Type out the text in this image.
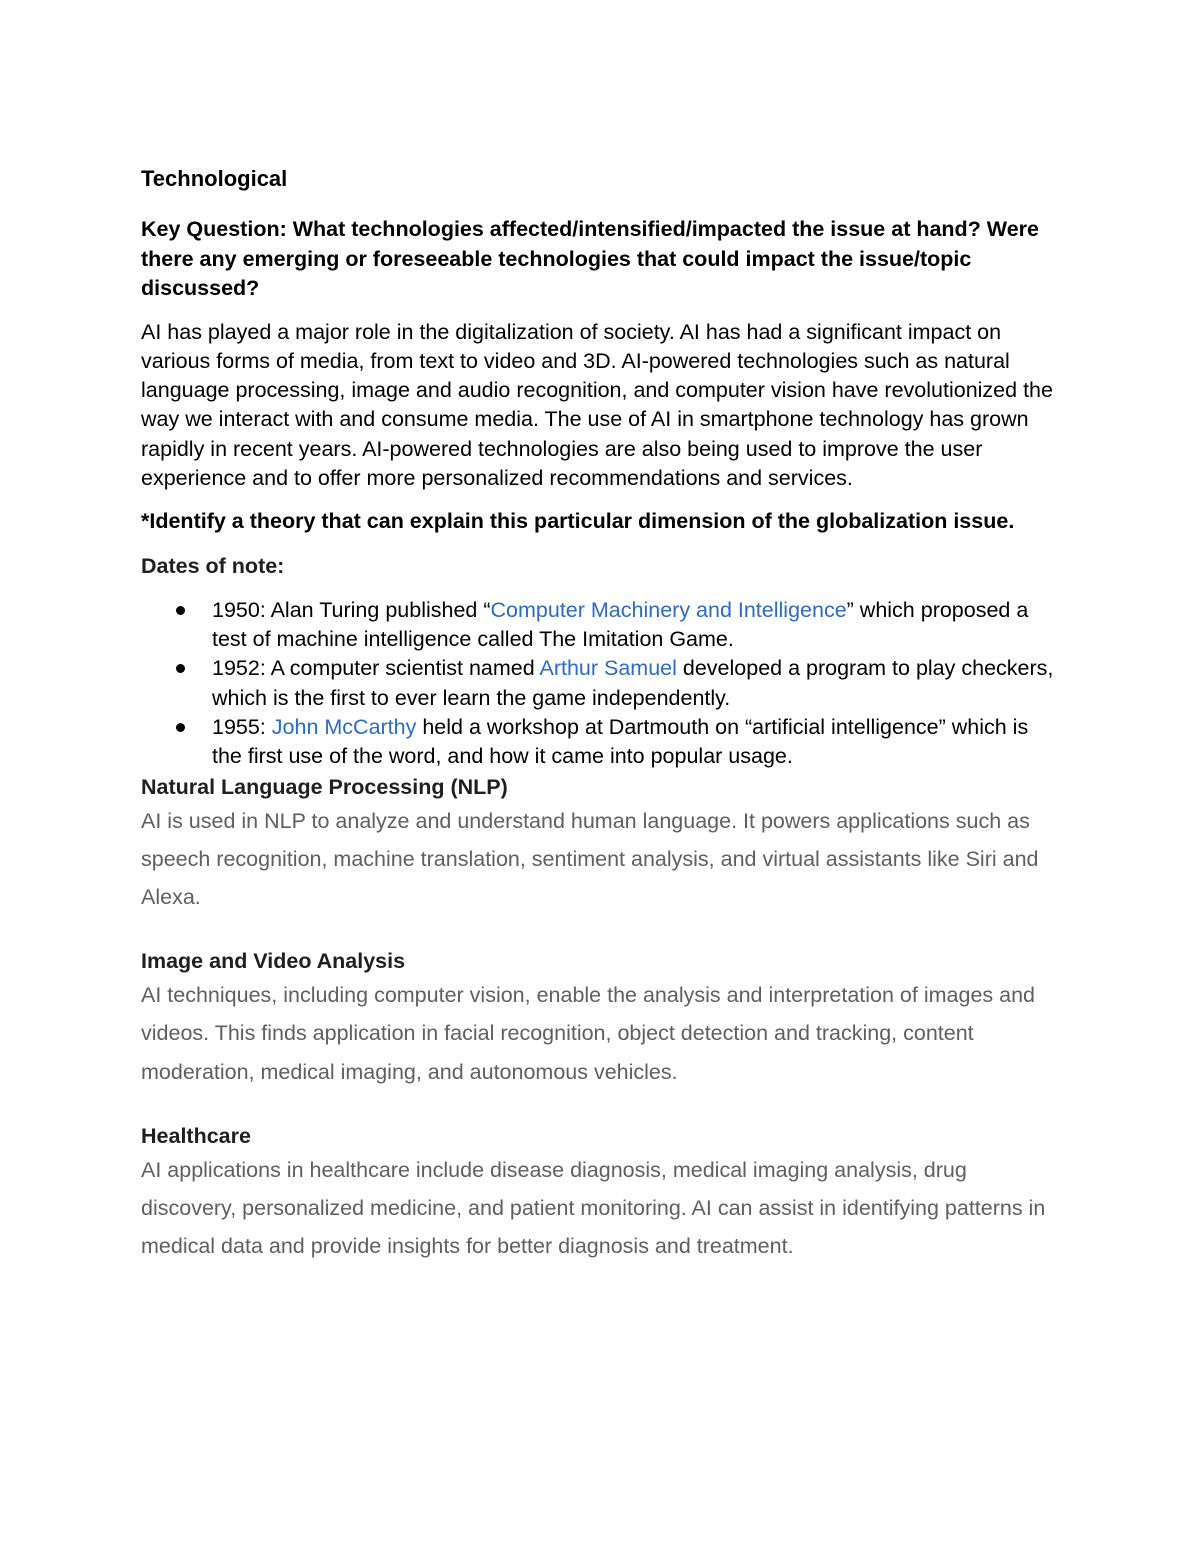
Technological

Key Question: What technologies affected/intensified/impacted the issue at hand? Were there any emerging or foreseeable technologies that could impact the issue/topic discussed?

AI has played a major role in the digitalization of society. AI has had a significant impact on various forms of media, from text to video and 3D. AI-powered technologies such as natural language processing, image and audio recognition, and computer vision have revolutionized the way we interact with and consume media. The use of AI in smartphone technology has grown rapidly in recent years. AI-powered technologies are also being used to improve the user experience and to offer more personalized recommendations and services.

*Identify a theory that can explain this particular dimension of the globalization issue.

Dates of note:

1950: Alan Turing published “Computer Machinery and Intelligence” which proposed a test of machine intelligence called The Imitation Game.
1952: A computer scientist named Arthur Samuel developed a program to play checkers, which is the first to ever learn the game independently.
1955: John McCarthy held a workshop at Dartmouth on “artificial intelligence” which is the first use of the word, and how it came into popular usage.

Natural Language Processing (NLP)

AI is used in NLP to analyze and understand human language. It powers applications such as speech recognition, machine translation, sentiment analysis, and virtual assistants like Siri and Alexa.

Image and Video Analysis

AI techniques, including computer vision, enable the analysis and interpretation of images and videos. This finds application in facial recognition, object detection and tracking, content moderation, medical imaging, and autonomous vehicles.

Healthcare

AI applications in healthcare include disease diagnosis, medical imaging analysis, drug discovery, personalized medicine, and patient monitoring. AI can assist in identifying patterns in medical data and provide insights for better diagnosis and treatment.
